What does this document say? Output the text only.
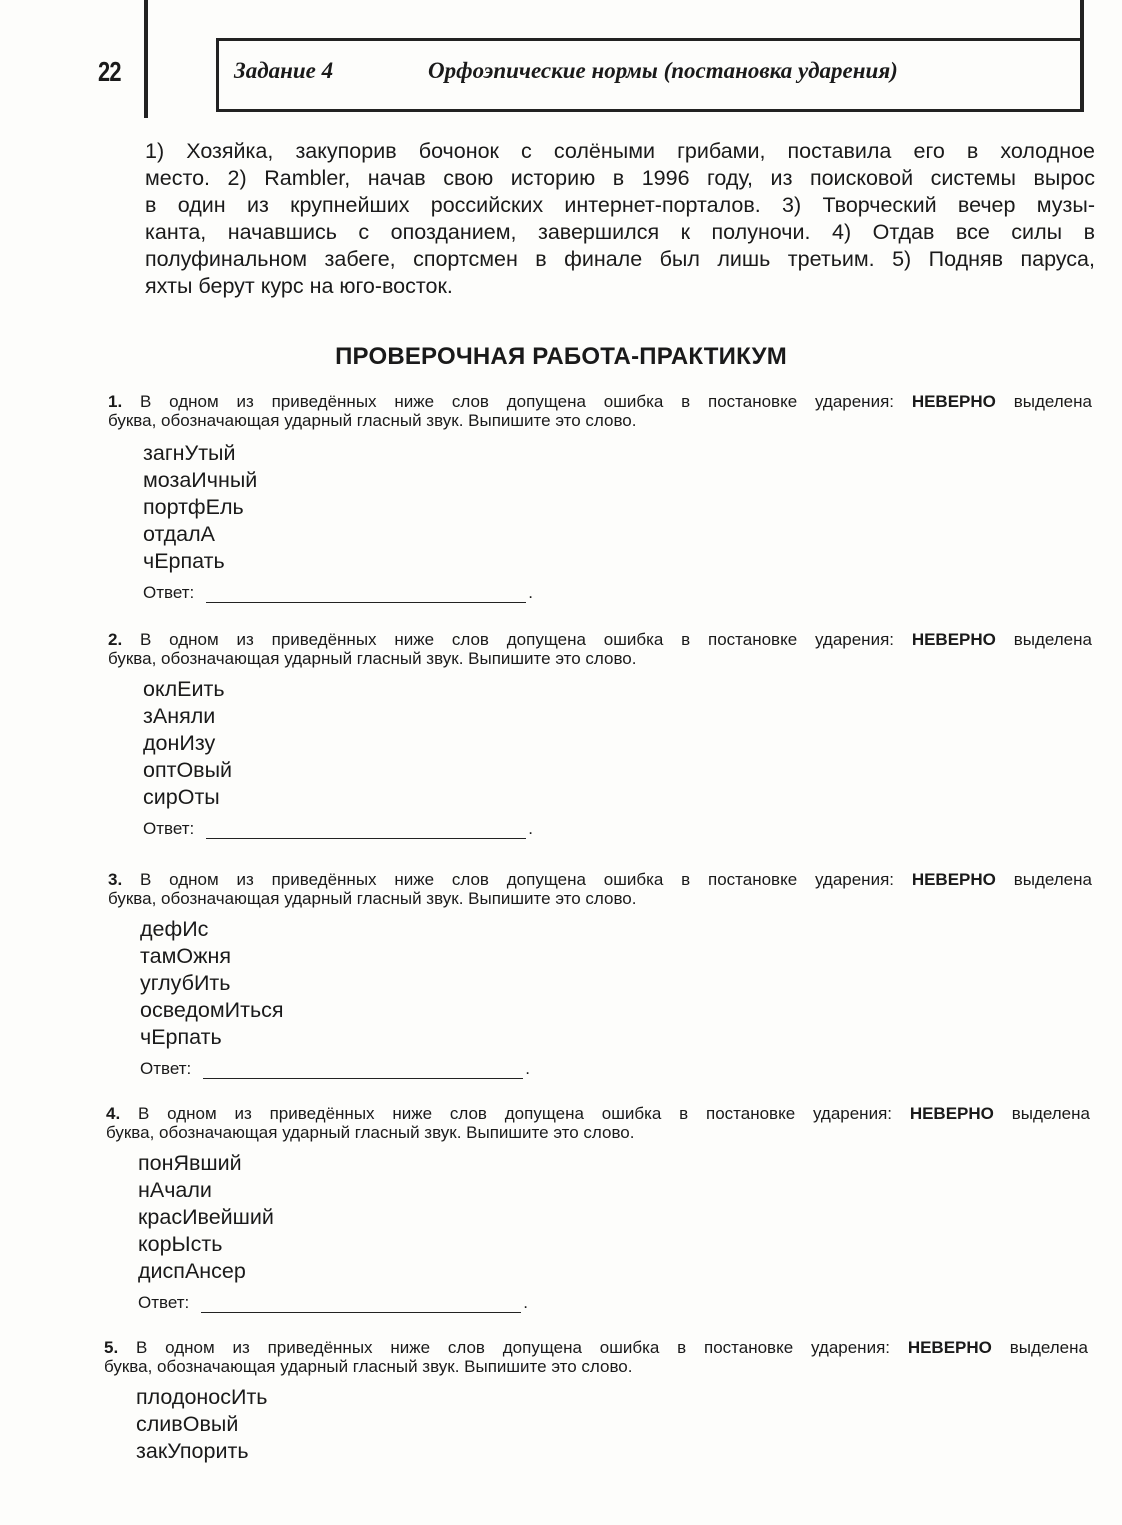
22	Задание 4	Орфоэпические нормы (постановка ударения)
1) Хозяйка, закупорив бочонок с солёными грибами, поставила его в холодное
место. 2) Rambler, начав свою историю в 1996 году, из поисковой системы вырос
в один из крупнейших российских интернет-порталов. 3) Творческий вечер музы-
канта, начавшись с опозданием, завершился к полуночи. 4) Отдав все силы в
полуфинальном забеге, спортсмен в финале был лишь третьим. 5) Подняв паруса,
яхты берут курс на юго-восток.
ПРОВЕРОЧНАЯ РАБОТА-ПРАКТИКУМ
1. В одном из приведённых ниже слов допущена ошибка в постановке ударения: НЕВЕРНО выделена
буква, обозначающая ударный гласный звук. Выпишите это слово.
загнУтый
мозаИчный
портфЕль
отдалА
чЕрпать
Ответ:	.
2. В одном из приведённых ниже слов допущена ошибка в постановке ударения: НЕВЕРНО выделена
буква, обозначающая ударный гласный звук. Выпишите это слово.
оклЕить
зАняли
донИзу
оптОвый
сирОты
Ответ:	.
3. В одном из приведённых ниже слов допущена ошибка в постановке ударения: НЕВЕРНО выделена
буква, обозначающая ударный гласный звук. Выпишите это слово.
дефИс
тамОжня
углубИть
осведомИться
чЕрпать
Ответ:	.
4. В одном из приведённых ниже слов допущена ошибка в постановке ударения: НЕВЕРНО выделена
буква, обозначающая ударный гласный звук. Выпишите это слово.
понЯвший
нАчали
красИвейший
корЫсть
диспАнсер
Ответ:	.
5. В одном из приведённых ниже слов допущена ошибка в постановке ударения: НЕВЕРНО выделена
буква, обозначающая ударный гласный звук. Выпишите это слово.
плодоносИть
сливОвый
закУпорить
